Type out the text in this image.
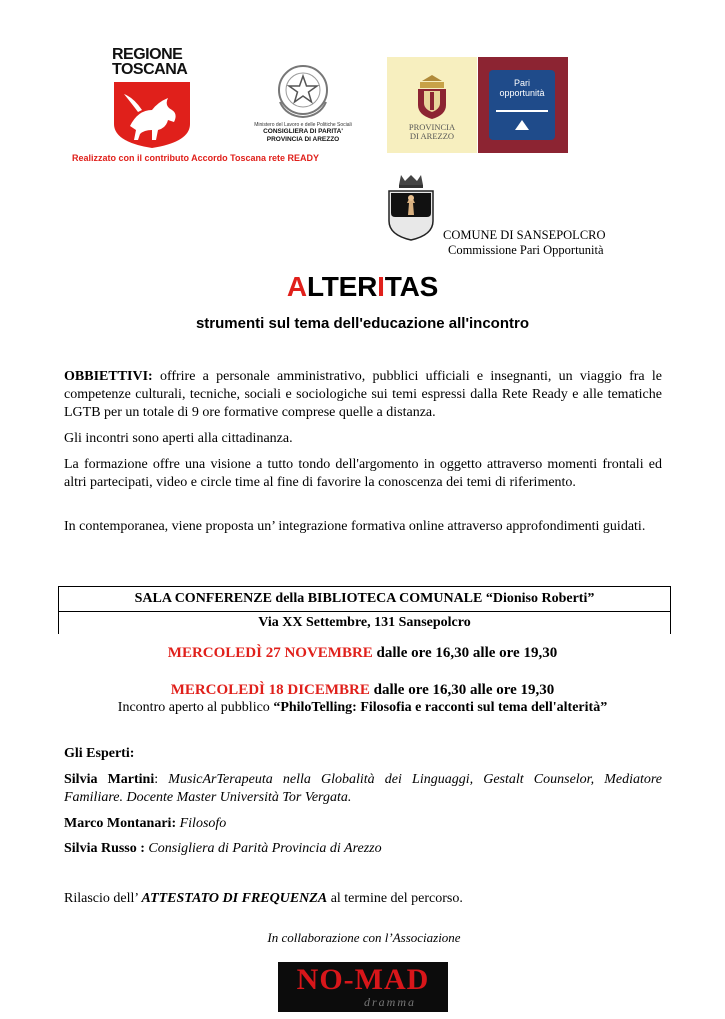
REGIONE
TOSCANA
Realizzato con il contributo Accordo Toscana rete READY
Ministero del Lavoro e delle Politiche Sociali
CONSIGLIERA DI PARITA'
PROVINCIA DI AREZZO
PROVINCIA
DI AREZZO
Pari
opportunità
COMUNE DI SANSEPOLCRO
Commissione Pari Opportunità
ALTERITAS
strumenti sul tema dell'educazione all'incontro

OBBIETTIVI: offrire a personale amministrativo, pubblici ufficiali e insegnanti, un viaggio fra le competenze culturali, tecniche, sociali e sociologiche sui temi espressi dalla Rete Ready e alle tematiche LGTB per un totale di 9 ore formative comprese quelle a distanza.

Gli incontri sono aperti alla cittadinanza.
La formazione offre una visione a tutto tondo dell'argomento in oggetto attraverso momenti frontali ed altri partecipati, video e circle time al fine di favorire la conoscenza dei temi di riferimento.
In contemporanea, viene proposta un’ integrazione formativa online attraverso approfondimenti guidati.
SALA CONFERENZE della BIBLIOTECA COMUNALE “Dioniso Roberti”
Via XX Settembre, 131 Sansepolcro
MERCOLEDÌ 27 NOVEMBRE dalle ore 16,30 alle ore 19,30
MERCOLEDÌ 18 DICEMBRE dalle ore 16,30 alle ore 19,30
Incontro aperto al pubblico “PhiloTelling: Filosofia e racconti sul tema dell'alterità”
Gli Esperti:
Silvia Martini: MusicArTerapeuta nella Globalità dei Linguaggi, Gestalt Counselor, Mediatore Familiare. Docente Master Università Tor Vergata.
Marco Montanari: Filosofo
Silvia Russo : Consigliera di Parità Provincia di Arezzo
Rilascio dell’ ATTESTATO DI FREQUENZA al termine del percorso.
In collaborazione con l’Associazione
NO-MAD
dramma
